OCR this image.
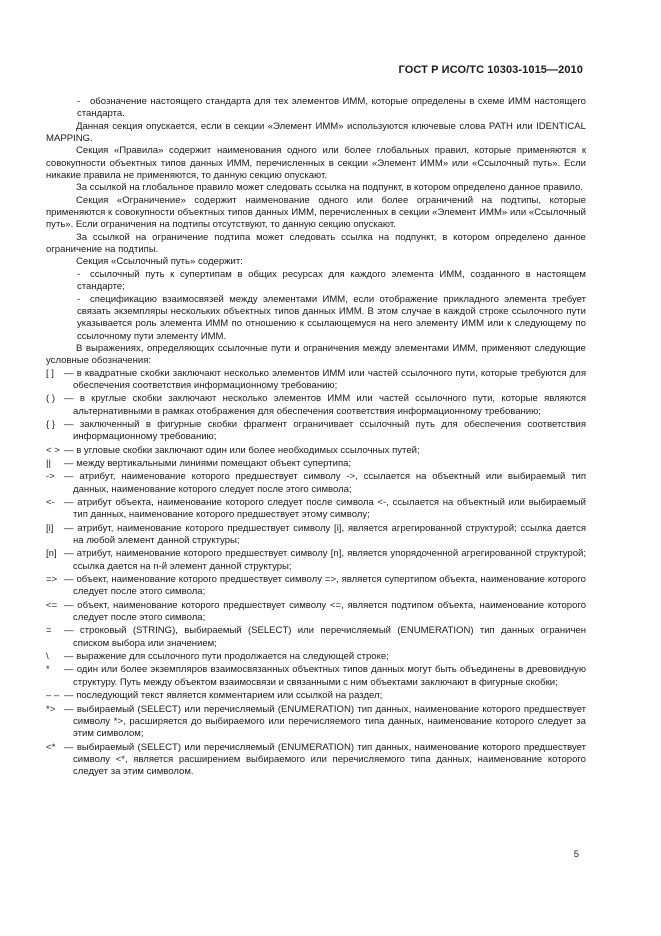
ГОСТ Р ИСО/ТС 10303-1015—2010

- обозначение настоящего стандарта для тех элементов ИММ, которые определены в схеме ИММ настоящего стандарта.

Данная секция опускается, если в секции «Элемент ИММ» используются ключевые слова PATH или IDENTICAL MAPPING.

Секция «Правила» содержит наименования одного или более глобальных правил, которые применяются к совокупности объектных типов данных ИММ, перечисленных в секции «Элемент ИММ» или «Ссылочный путь». Если никакие правила не применяются, то данную секцию опускают.

За ссылкой на глобальное правило может следовать ссылка на подпункт, в котором определено данное правило.

Секция «Ограничение» содержит наименование одного или более ограничений на подтипы, которые применяются к совокупности объектных типов данных ИММ, перечисленных в секции «Элемент ИММ» или «Ссылочный путь». Если ограничения на подтипы отсутствуют, то данную секцию опускают.

За ссылкой на ограничение подтипа может следовать ссылка на подпункт, в котором определено данное ограничение на подтипы.

Секция «Ссылочный путь» содержит:

- ссылочный путь к супертипам в общих ресурсах для каждого элемента ИММ, созданного в настоящем стандарте;

- спецификацию взаимосвязей между элементами ИММ, если отображение прикладного элемента требует связать экземпляры нескольких объектных типов данных ИММ. В этом случае в каждой строке ссылочного пути указывается роль элемента ИММ по отношению к ссылающемуся на него элементу ИММ или к следующему по ссылочному пути элементу ИММ.

В выражениях, определяющих ссылочные пути и ограничения между элементами ИММ, применяют следующие условные обозначения:

[ ]	— в квадратные скобки заключают несколько элементов ИММ или частей ссылочного пути, которые требуются для обеспечения соответствия информационному требованию;

( ) — в круглые скобки заключают несколько элементов ИММ или частей ссылочного пути, которые являются альтернативными в рамках отображения для обеспечения соответствия информационному требованию;

{ } — заключенный в фигурные скобки фрагмент ограничивает ссылочный путь для обеспечения соответствия информационному требованию;

< > — в угловые скобки заключают один или более необходимых ссылочных путей;

||	— между вертикальными линиями помещают объект супертипа;

-> — атрибут, наименование которого предшествует символу ->, ссылается на объектный или выбираемый тип данных, наименование которого следует после этого символа;

<- — атрибут объекта, наименование которого следует после символа <-, ссылается на объектный или выбираемый тип данных, наименование которого предшествует этому символу;

[i]	— атрибут, наименование которого предшествует символу [i], является агрегированной структурой; ссылка дается на любой элемент данной структуры;

[n] — атрибут, наименование которого предшествует символу [n], является упорядоченной агрегированной структурой; ссылка дается на n-й элемент данной структуры;

=> — объект, наименование которого предшествует символу =>, является супертипом объекта, наименование которого следует после этого символа;

<= — объект, наименование которого предшествует символу <=, является подтипом объекта, наименование которого следует после этого символа;

=	— строковый (STRING), выбираемый (SELECT) или перечисляемый (ENUMERATION) тип данных ограничен списком выбора или значением;

\	— выражение для ссылочного пути продолжается на следующей строке;

*	— один или более экземпляров взаимосвязанных объектных типов данных могут быть объединены в древовидную структуру. Путь между объектом взаимосвязи и связанными с ним объектами заключают в фигурные скобки;

– – — последующий текст является комментарием или ссылкой на раздел;

*> — выбираемый (SELECT) или перечисляемый (ENUMERATION) тип данных, наименование которого предшествует символу *>, расширяется до выбираемого или перечисляемого типа данных, наименование которого следует за этим символом;

<* — выбираемый (SELECT) или перечисляемый (ENUMERATION) тип данных, наименование которого предшествует символу <*, является расширением выбираемого или перечисляемого типа данных, наименование которого следует за этим символом.

5
